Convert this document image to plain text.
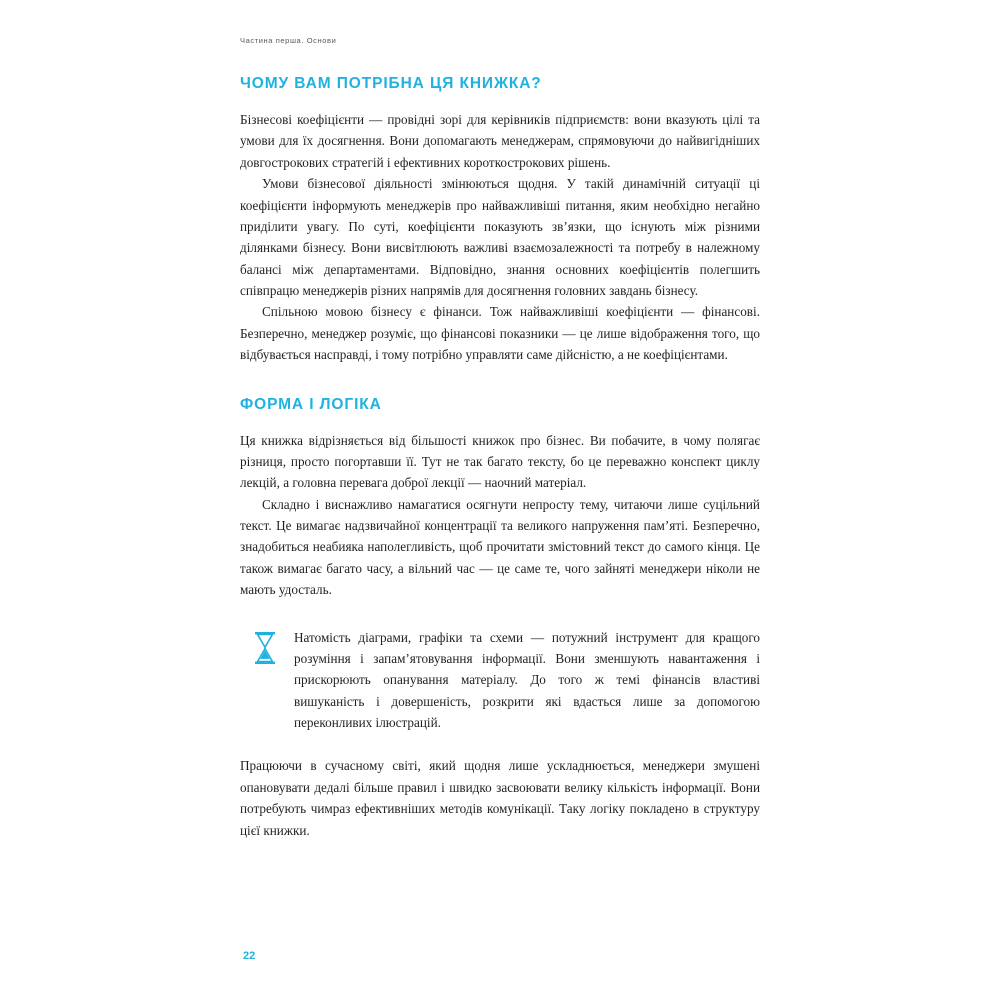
Частина перша. Основи
ЧОМУ ВАМ ПОТРІБНА ЦЯ КНИЖКА?

Бізнесові коефіцієнти — провідні зорі для керівників підприємств: вони вказують цілі та умови для їх досягнення. Вони допомагають менеджерам, спрямовуючи до найвигідніших довгострокових стратегій і ефективних короткострокових рішень.

Умови бізнесової діяльності змінюються щодня. У такій динамічній ситуації ці коефіцієнти інформують менеджерів про найважливіші питання, яким необхідно негайно приділити увагу. По суті, коефіцієнти показують зв’язки, що існують між різними ділянками бізнесу. Вони висвітлюють важливі взаємозалежності та потребу в належному балансі між департаментами. Відповідно, знання основних коефіцієнтів полегшить співпрацю менеджерів різних напрямів для досягнення головних завдань бізнесу.

Спільною мовою бізнесу є фінанси. Тож найважливіші коефіцієнти — фінансові. Безперечно, менеджер розуміє, що фінансові показники — це лише відображення того, що відбувається насправді, і тому потрібно управляти саме дійсністю, а не коефіцієнтами.

ФОРМА І ЛОГІКА

Ця книжка відрізняється від більшості книжок про бізнес. Ви побачите, в чому полягає різниця, просто погортавши її. Тут не так багато тексту, бо це переважно конспект циклу лекцій, а головна перевага доброї лекції — наочний матеріал.

Складно і виснажливо намагатися осягнути непросту тему, читаючи лише суцільний текст. Це вимагає надзвичайної концентрації та великого напруження пам’яті. Безперечно, знадобиться неабияка наполегливість, щоб прочитати змістовний текст до самого кінця. Це також вимагає багато часу, а вільний час — це саме те, чого зайняті менеджери ніколи не мають удосталь.

Натомість діаграми, графіки та схеми — потужний інструмент для кращого розуміння і запам’ятовування інформації. Вони зменшують навантаження і прискорюють опанування матеріалу. До того ж темі фінансів властиві вишуканість і довершеність, розкрити які вдасться лише за допомогою переконливих ілюстрацій.

Працюючи в сучасному світі, який щодня лише ускладнюється, менеджери змушені опановувати дедалі більше правил і швидко засвоювати велику кількість інформації. Вони потребують чимраз ефективніших методів комунікації. Таку логіку покладено в структуру цієї книжки.

22
